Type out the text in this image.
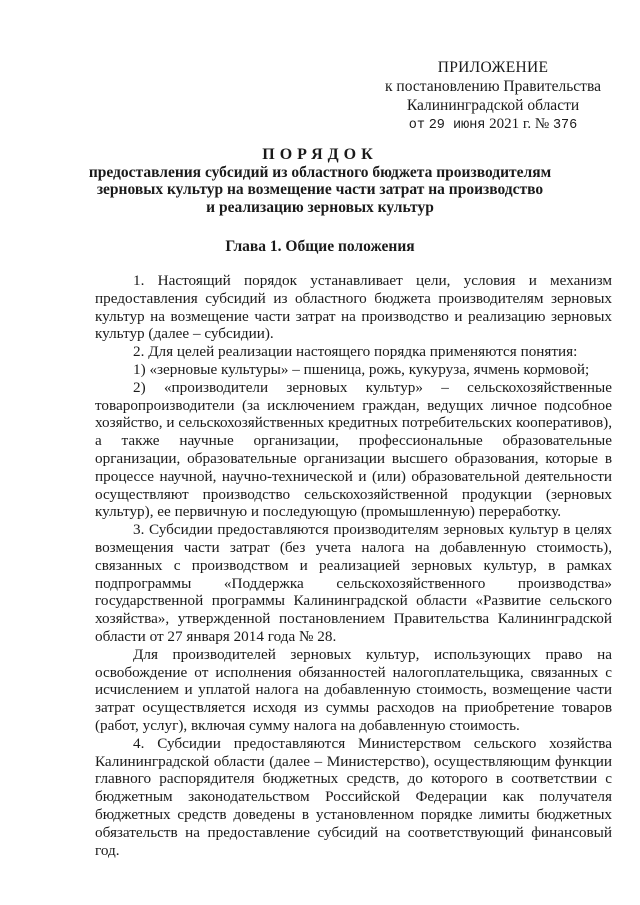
ПРИЛОЖЕНИЕ
к постановлению Правительства
Калининградской области
от 29 июня 2021 г. № 376
ПОРЯДОК
предоставления субсидий из областного бюджета производителям
зерновых культур на возмещение части затрат на производство
и реализацию зерновых культур
Глава 1. Общие положения

1. Настоящий порядок устанавливает цели, условия и механизм предоставления субсидий из областного бюджета производителям зерновых культур на возмещение части затрат на производство и реализацию зерновых культур (далее – субсидии).

2. Для целей реализации настоящего порядка применяются понятия:

1) «зерновые культуры» – пшеница, рожь, кукуруза, ячмень кормовой;

2) «производители зерновых культур» – сельскохозяйственные товаропроизводители (за исключением граждан, ведущих личное подсобное хозяйство, и сельскохозяйственных кредитных потребительских кооперативов), а также научные организации, профессиональные образовательные организации, образовательные организации высшего образования, которые в процессе научной, научно-технической и (или) образовательной деятельности осуществляют производство сельскохозяйственной продукции (зерновых культур), ее первичную и последующую (промышленную) переработку.

3. Субсидии предоставляются производителям зерновых культур в целях возмещения части затрат (без учета налога на добавленную стоимость), связанных с производством и реализацией зерновых культур, в рамках подпрограммы «Поддержка сельскохозяйственного производства» государственной программы Калининградской области «Развитие сельского хозяйства», утвержденной постановлением Правительства Калининградской области от 27 января 2014 года № 28.

Для производителей зерновых культур, использующих право на освобождение от исполнения обязанностей налогоплательщика, связанных с исчислением и уплатой налога на добавленную стоимость, возмещение части затрат осуществляется исходя из суммы расходов на приобретение товаров (работ, услуг), включая сумму налога на добавленную стоимость.

4. Субсидии предоставляются Министерством сельского хозяйства Калининградской области (далее – Министерство), осуществляющим функции главного распорядителя бюджетных средств, до которого в соответствии с бюджетным законодательством Российской Федерации как получателя бюджетных средств доведены в установленном порядке лимиты бюджетных обязательств на предоставление субсидий на соответствующий финансовый год.
